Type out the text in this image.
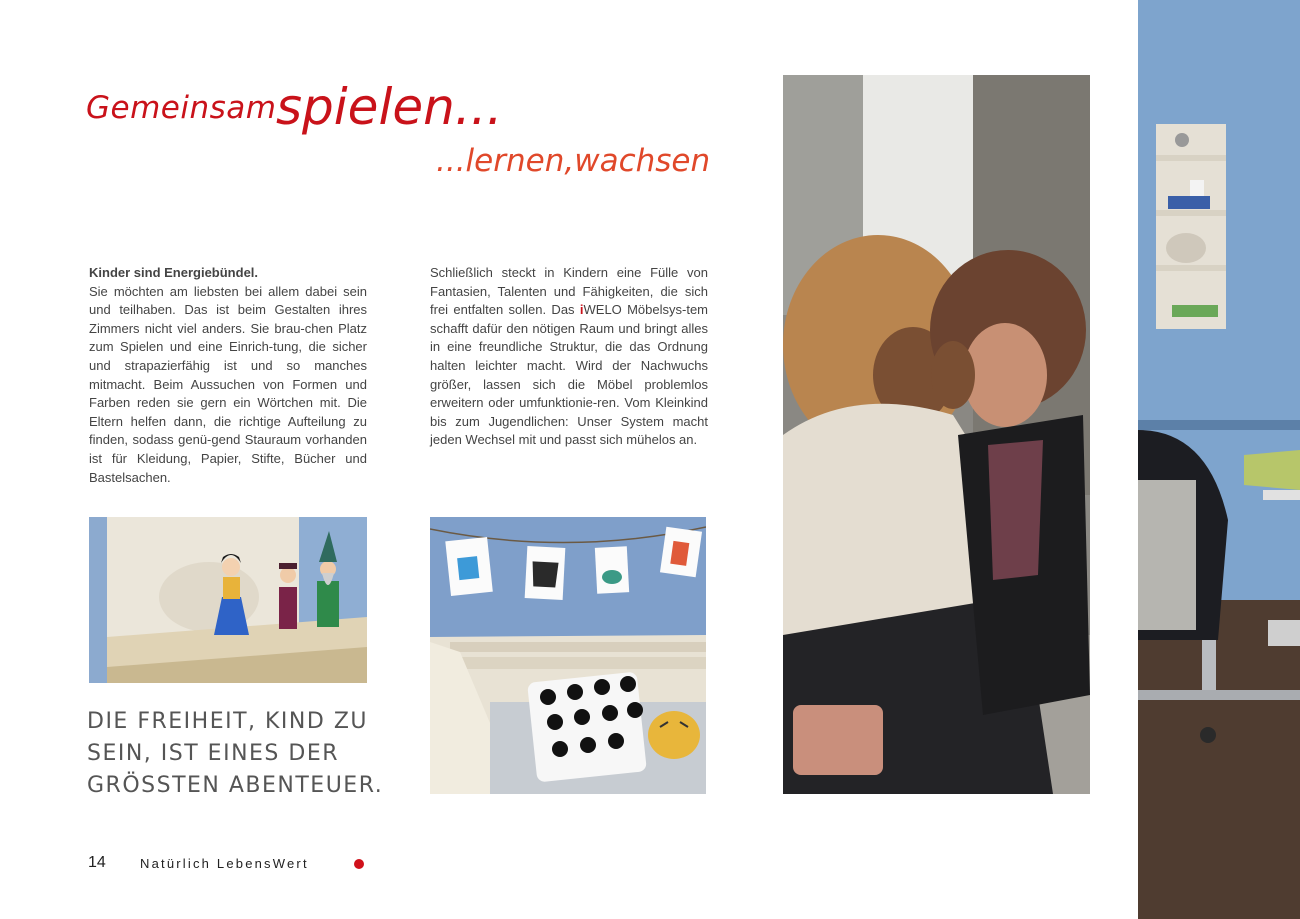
Gemeinsam spielen...
...lernen,wachsen
Kinder sind Energiebündel.

Sie möchten am liebsten bei allem dabei sein und teilhaben. Das ist beim Gestalten ihres Zimmers nicht viel anders. Sie brau-chen Platz zum Spielen und eine Einrich-tung, die sicher und strapazierfähig ist und so manches mitmacht. Beim Aussuchen von Formen und Farben reden sie gern ein Wörtchen mit. Die Eltern helfen dann, die richtige Aufteilung zu finden, sodass genü-gend Stauraum vorhanden ist für Kleidung, Papier, Stifte, Bücher und Bastelsachen.

Schließlich steckt in Kindern eine Fülle von Fantasien, Talenten und Fähigkeiten, die sich frei entfalten sollen. Das iWELO Möbelsys-tem schafft dafür den nötigen Raum und bringt alles in eine freundliche Struktur, die das Ordnung halten leichter macht. Wird der Nachwuchs größer, lassen sich die Möbel problemlos erweitern oder umfunktionie-ren. Vom Kleinkind bis zum Jugendlichen: Unser System macht jeden Wechsel mit und passt sich mühelos an.

DIE FREIHEIT, KIND ZU
SEIN, IST EINES DER
GRÖSSTEN ABENTEUER.
14	Natürlich LebensWert
